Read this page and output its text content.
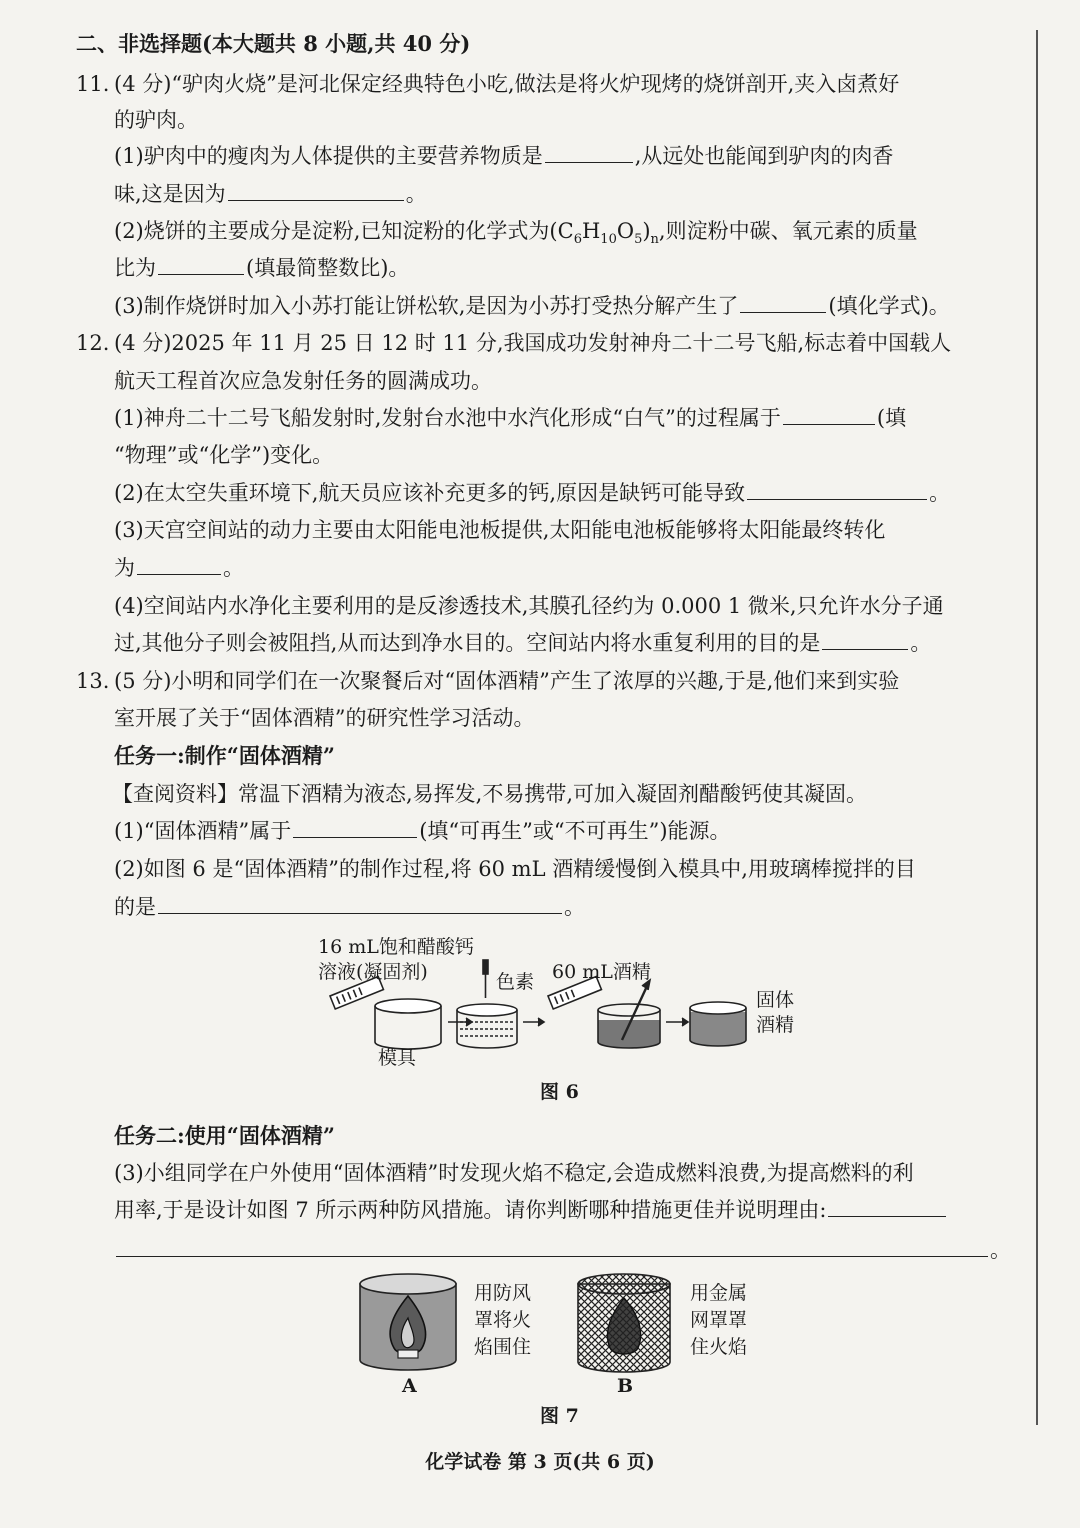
二、非选择题(本大题共 8 小题,共 40 分)
11. (4 分)“驴肉火烧”是河北保定经典特色小吃,做法是将火炉现烤的烧饼剖开,夹入卤煮好
的驴肉。
(1)驴肉中的瘦肉为人体提供的主要营养物质是	,从远处也能闻到驴肉的肉香
味,这是因为	。
(2)烧饼的主要成分是淀粉,已知淀粉的化学式为$(C_6H_{10}O_5)_n$,则淀粉中碳、氧元素的质量
比为	(填最简整数比)。
(3)制作烧饼时加入小苏打能让饼松软,是因为小苏打受热分解产生了	(填化学式)。
12. (4 分)2025 年 11 月 25 日 12 时 11 分,我国成功发射神舟二十二号飞船,标志着中国载人
航天工程首次应急发射任务的圆满成功。
(1)神舟二十二号飞船发射时,发射台水池中水汽化形成“白气”的过程属于	(填
“物理”或“化学”)变化。
(2)在太空失重环境下,航天员应该补充更多的钙,原因是缺钙可能导致	。
(3)天宫空间站的动力主要由太阳能电池板提供,太阳能电池板能够将太阳能最终转化
为	。
(4)空间站内水净化主要利用的是反渗透技术,其膜孔径约为 0.000 1 微米,只允许水分子通
过,其他分子则会被阻挡,从而达到净水目的。空间站内将水重复利用的目的是	。
13. (5 分)小明和同学们在一次聚餐后对“固体酒精”产生了浓厚的兴趣,于是,他们来到实验
室开展了关于“固体酒精”的研究性学习活动。
任务一:制作“固体酒精”
【查阅资料】常温下酒精为液态,易挥发,不易携带,可加入凝固剂醋酸钙使其凝固。
(1)“固体酒精”属于	(填“可再生”或“不可再生”)能源。
(2)如图 6 是“固体酒精”的制作过程,将 60 mL 酒精缓慢倒入模具中,用玻璃棒搅拌的目
的是	。
16 mL饱和醋酸钙
溶液(凝固剂)	色素 60 mL酒精
模具
固体
酒精
图 6
任务二:使用“固体酒精”
(3)小组同学在户外使用“固体酒精”时发现火焰不稳定,会造成燃料浪费,为提高燃料的利
用率,于是设计如图 7 所示两种防风措施。请你判断哪种措施更佳并说明理由:
。
用防风
罩将火
焰围住
A
用金属
网罩罩
住火焰
B
图 7
化学试卷 第 3 页(共 6 页)
